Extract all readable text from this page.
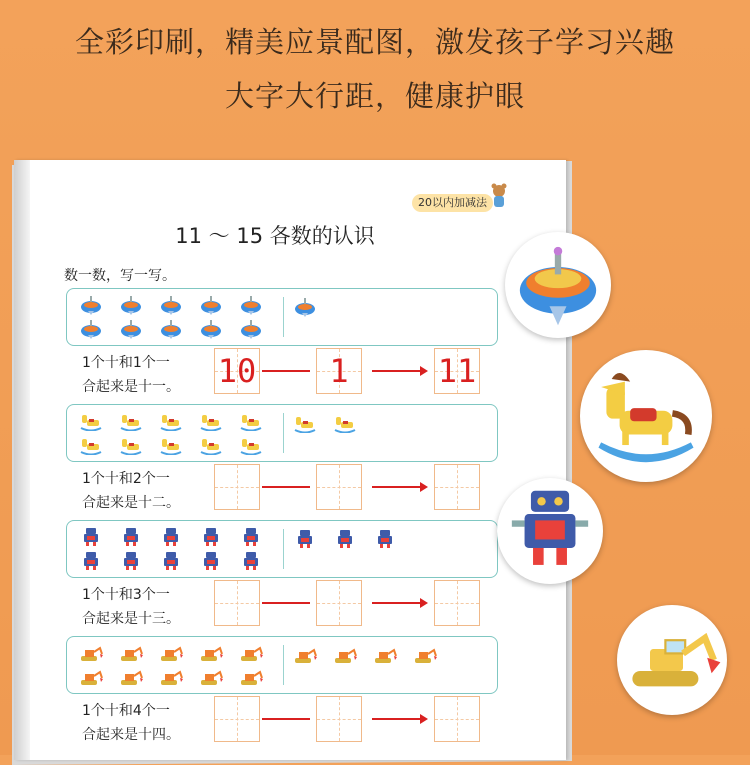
全彩印刷，精美应景配图，激发孩子学习兴趣
大字大行距，健康护眼
20以内加减法
11 ～ 15 各数的认识
数一数，写一写。
1个十和1个一
合起来是十一。 10	1	11
1个十和2个一
合起来是十二。
1个十和3个一
合起来是十三。
1个十和4个一
合起来是十四。
